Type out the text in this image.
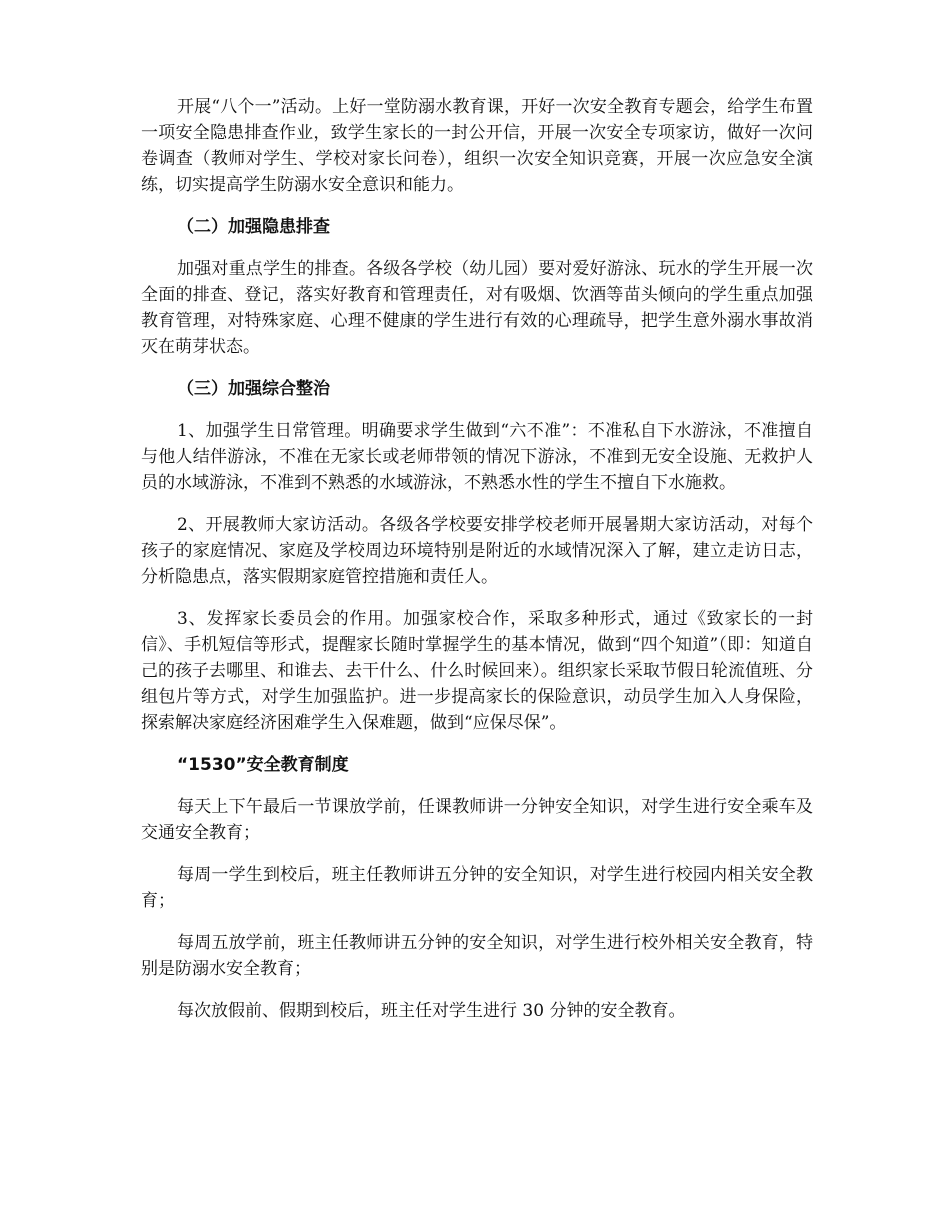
开展“八个一”活动。上好一堂防溺水教育课，开好一次安全教育专题会，给学生布置一项安全隐患排查作业，致学生家长的一封公开信，开展一次安全专项家访，做好一次问卷调查（教师对学生、学校对家长问卷），组织一次安全知识竞赛，开展一次应急安全演练，切实提高学生防溺水安全意识和能力。

（二）加强隐患排查

加强对重点学生的排查。各级各学校（幼儿园）要对爱好游泳、玩水的学生开展一次全面的排查、登记，落实好教育和管理责任，对有吸烟、饮酒等苗头倾向的学生重点加强教育管理，对特殊家庭、心理不健康的学生进行有效的心理疏导，把学生意外溺水事故消灭在萌芽状态。

（三）加强综合整治

1、加强学生日常管理。明确要求学生做到“六不准”：不准私自下水游泳，不准擅自与他人结伴游泳，不准在无家长或老师带领的情况下游泳，不准到无安全设施、无救护人员的水域游泳，不准到不熟悉的水域游泳，不熟悉水性的学生不擅自下水施救。

2、开展教师大家访活动。各级各学校要安排学校老师开展暑期大家访活动，对每个孩子的家庭情况、家庭及学校周边环境特别是附近的水域情况深入了解，建立走访日志，分析隐患点，落实假期家庭管控措施和责任人。

3、发挥家长委员会的作用。加强家校合作，采取多种形式，通过《致家长的一封信》、手机短信等形式，提醒家长随时掌握学生的基本情况，做到“四个知道”（即：知道自己的孩子去哪里、和谁去、去干什么、什么时候回来）。组织家长采取节假日轮流值班、分组包片等方式，对学生加强监护。进一步提高家长的保险意识，动员学生加入人身保险，探索解决家庭经济困难学生入保难题，做到“应保尽保”。

“1530”安全教育制度

每天上下午最后一节课放学前，任课教师讲一分钟安全知识，对学生进行安全乘车及交通安全教育；

每周一学生到校后，班主任教师讲五分钟的安全知识，对学生进行校园内相关安全教育；

每周五放学前，班主任教师讲五分钟的安全知识，对学生进行校外相关安全教育，特别是防溺水安全教育；

每次放假前、假期到校后，班主任对学生进行 30 分钟的安全教育。
